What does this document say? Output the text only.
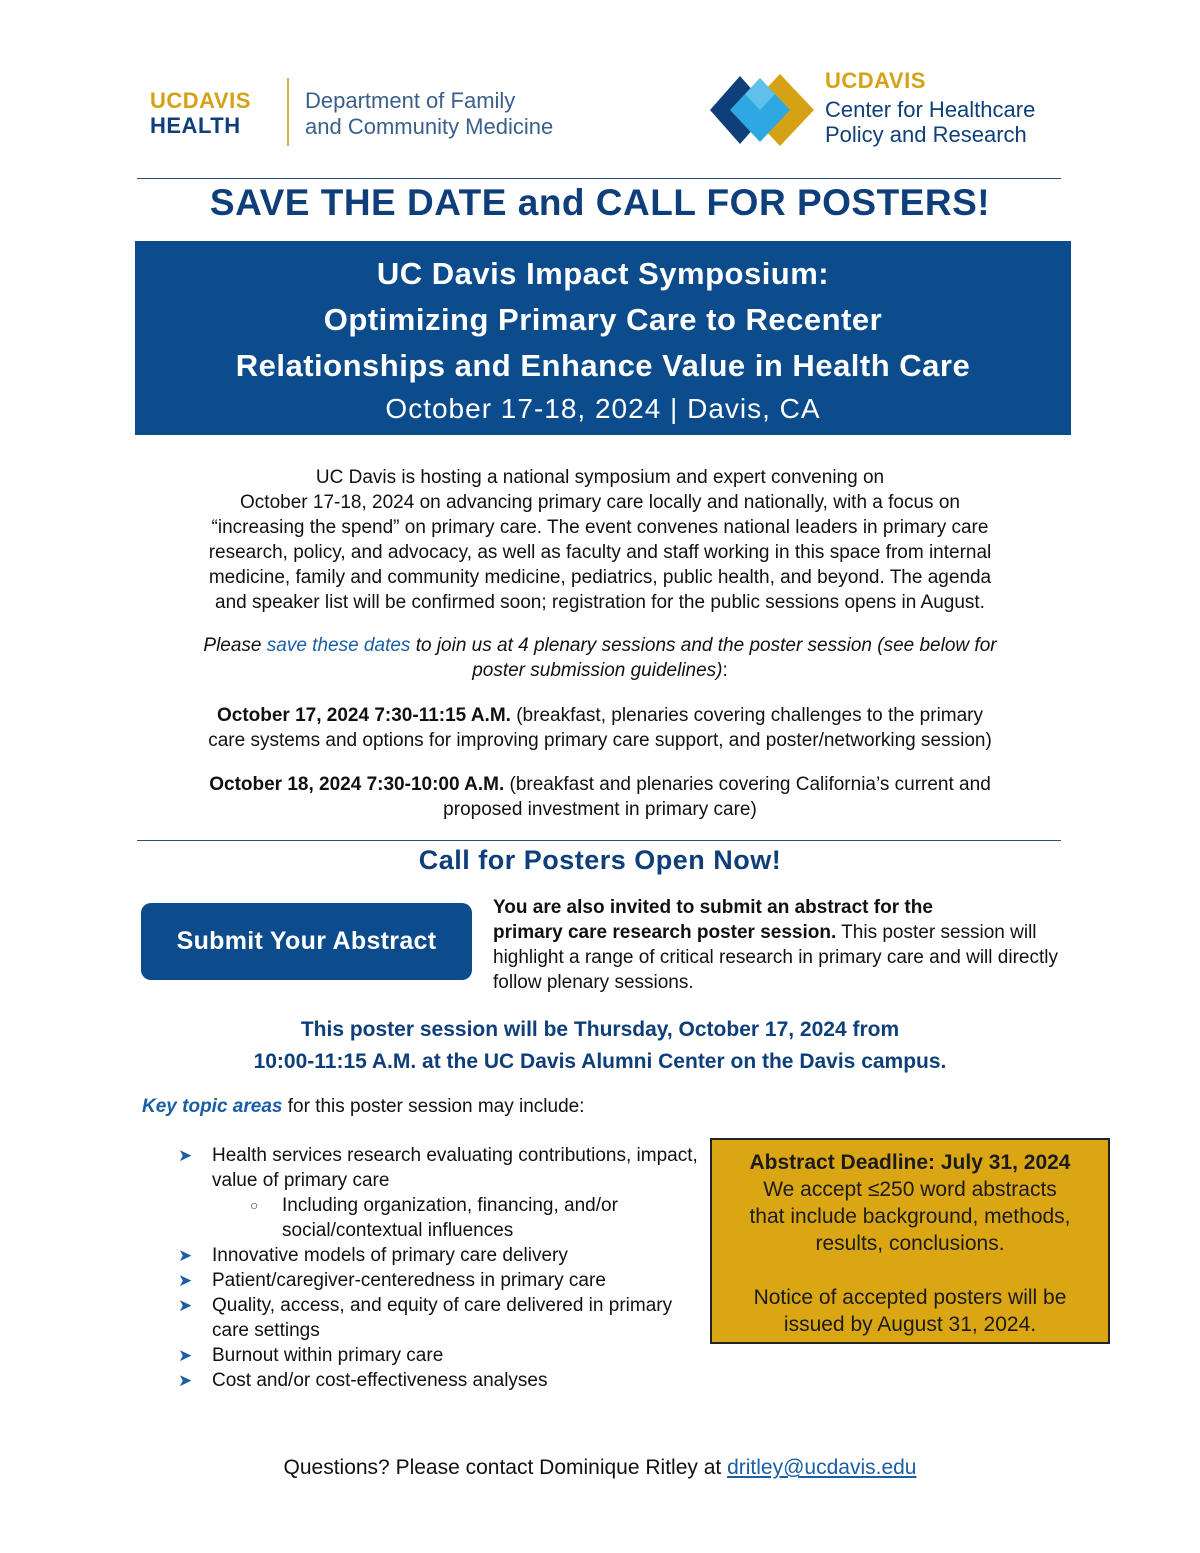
UCDAVIS
HEALTH
Department of Family
and Community Medicine
UCDAVIS
Center for Healthcare
Policy and Research
SAVE THE DATE and CALL FOR POSTERS!
UC Davis Impact Symposium:
Optimizing Primary Care to Recenter
Relationships and Enhance Value in Health Care
October 17-18, 2024 | Davis, CA
UC Davis is hosting a national symposium and expert convening on
October 17-18, 2024 on advancing primary care locally and nationally, with a focus on
“increasing the spend” on primary care. The event convenes national leaders in primary care
research, policy, and advocacy, as well as faculty and staff working in this space from internal
medicine, family and community medicine, pediatrics, public health, and beyond. The agenda
and speaker list will be confirmed soon; registration for the public sessions opens in August.
Please save these dates to join us at 4 plenary sessions and the poster session (see below for
poster submission guidelines):
October 17, 2024 7:30-11:15 A.M. (breakfast, plenaries covering challenges to the primary
care systems and options for improving primary care support, and poster/networking session)
October 18, 2024 7:30-10:00 A.M. (breakfast and plenaries covering California’s current and
proposed investment in primary care)
Call for Posters Open Now!
Submit Your Abstract
You are also invited to submit an abstract for the
primary care research poster session. This poster session will highlight a range of critical research in primary care and will directly follow plenary sessions.
This poster session will be Thursday, October 17, 2024 from
10:00-11:15 A.M. at the UC Davis Alumni Center on the Davis campus.
Key topic areas for this poster session may include:
➤ Health services research evaluating contributions, impact, value of primary care
○ Including organization, financing, and/or social/contextual influences
➤ Innovative models of primary care delivery
➤ Patient/caregiver-centeredness in primary care
➤ Quality, access, and equity of care delivered in primary care settings
➤ Burnout within primary care
➤ Cost and/or cost-effectiveness analyses
Abstract Deadline: July 31, 2024
We accept ≤250 word abstracts
that include background, methods,
results, conclusions.
Notice of accepted posters will be
issued by August 31, 2024.
Questions? Please contact Dominique Ritley at dritley@ucdavis.edu
